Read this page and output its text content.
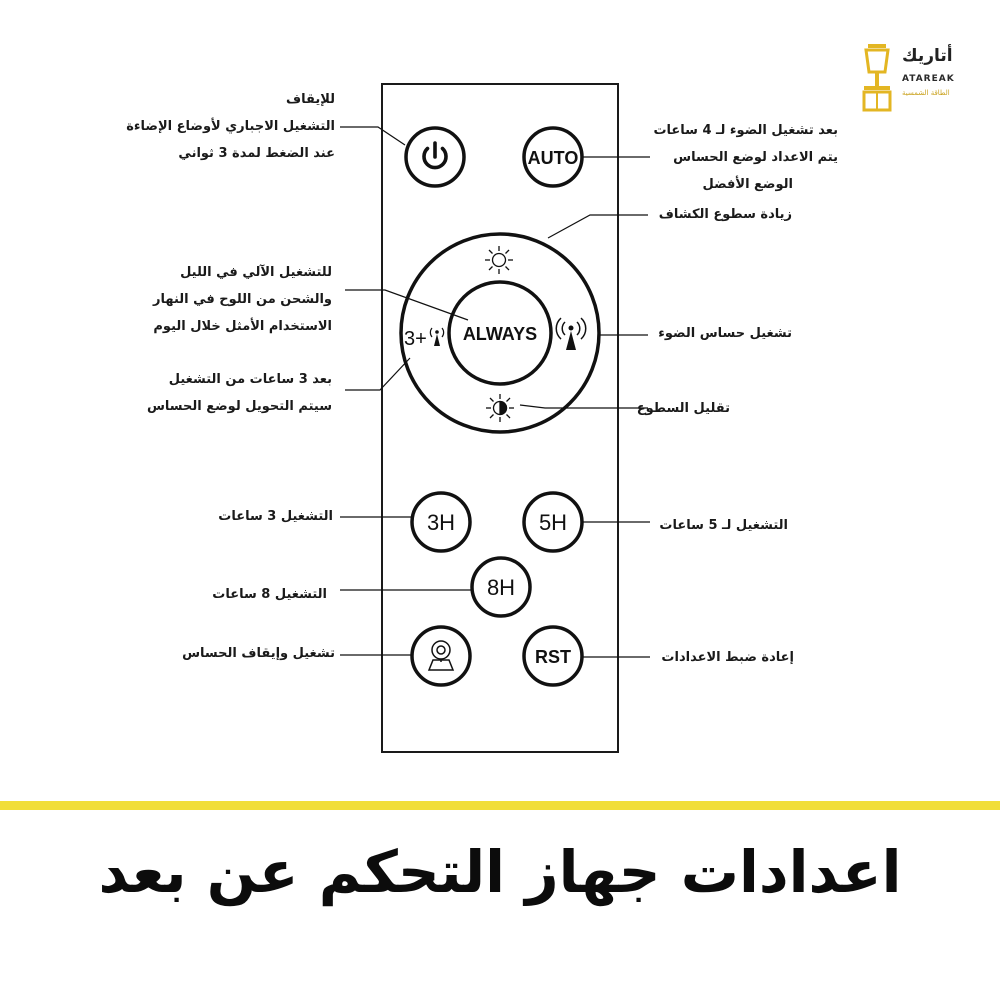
أتاريك
ATAREAK
الطاقة الشمسية
AUTO
ALWAYS
3+
3H	5H
8H
RST
للإيقاف
التشغيل الاجباري لأوضاع الإضاءة
عند الضغط لمدة 3 ثواني
للتشغيل الآلي في الليل
والشحن من اللوح في النهار
الاستخدام الأمثل خلال اليوم
بعد 3 ساعات من التشغيل
سيتم التحويل لوضع الحساس
التشغيل 3 ساعات
التشغيل 8 ساعات
تشغيل وإيقاف الحساس
بعد تشغيل الضوء لـ 4 ساعات
يتم الاعداد لوضع الحساس
الوضع الأفضل
زيادة سطوع الكشاف
تشغيل حساس الضوء
تقليل السطوع
التشغيل لـ 5 ساعات
إعادة ضبط الاعدادات
اعدادات جهاز التحكم عن بعد
